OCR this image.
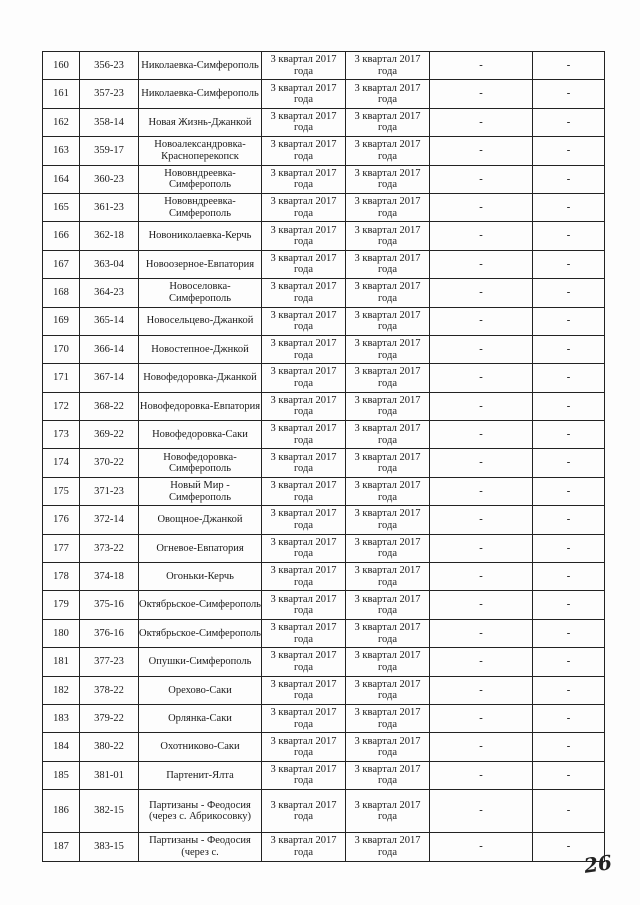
160	356-23	Николаевка-Симферополь	3 квартал 2017 года	3 квартал 2017 года	-	-
161	357-23	Николаевка-Симферополь	3 квартал 2017 года	3 квартал 2017 года	-	-
162	358-14	Новая Жизнь-Джанкой	3 квартал 2017 года	3 квартал 2017 года	-	-
163	359-17	Новоалександровка-Красноперекопск	3 квартал 2017 года	3 квартал 2017 года	-	-
164	360-23	Нововндреевка-Симферополь	3 квартал 2017 года	3 квартал 2017 года	-	-
165	361-23	Нововндреевка-Симферополь	3 квартал 2017 года	3 квартал 2017 года	-	-
166	362-18	Новониколаевка-Керчь	3 квартал 2017 года	3 квартал 2017 года	-	-
167	363-04	Новоозерное-Евпатория	3 квартал 2017 года	3 квартал 2017 года	-	-
168	364-23	Новоселовка-Симферополь	3 квартал 2017 года	3 квартал 2017 года	-	-
169	365-14	Новосельцево-Джанкой	3 квартал 2017 года	3 квартал 2017 года	-	-
170	366-14	Новостепное-Джнкой	3 квартал 2017 года	3 квартал 2017 года	-	-
171	367-14	Новофедоровка-Джанкой	3 квартал 2017 года	3 квартал 2017 года	-	-
172	368-22	Новофедоровка-Евпатория	3 квартал 2017 года	3 квартал 2017 года	-	-
173	369-22	Новофедоровка-Саки	3 квартал 2017 года	3 квартал 2017 года	-	-
174	370-22	Новофедоровка-Симферополь	3 квартал 2017 года	3 квартал 2017 года	-	-
175	371-23	Новый Мир - Симферополь	3 квартал 2017 года	3 квартал 2017 года	-	-
176	372-14	Овощное-Джанкой	3 квартал 2017 года	3 квартал 2017 года	-	-
177	373-22	Огневое-Евпатория	3 квартал 2017 года	3 квартал 2017 года	-	-
178	374-18	Огоньки-Керчь	3 квартал 2017 года	3 квартал 2017 года	-	-
179	375-16	Октябрьское-Симферополь	3 квартал 2017 года	3 квартал 2017 года	-	-
180	376-16	Октябрьское-Симферополь	3 квартал 2017 года	3 квартал 2017 года	-	-
181	377-23	Опушки-Симферополь	3 квартал 2017 года	3 квартал 2017 года	-	-
182	378-22	Орехово-Саки	3 квартал 2017 года	3 квартал 2017 года	-	-
183	379-22	Орлянка-Саки	3 квартал 2017 года	3 квартал 2017 года	-	-
184	380-22	Охотниково-Саки	3 квартал 2017 года	3 квартал 2017 года	-	-
185	381-01	Партенит-Ялта	3 квартал 2017 года	3 квартал 2017 года	-	-
186	382-15	Партизаны - Феодосия (через с. Абрикосовку)	3 квартал 2017 года	3 квартал 2017 года	-	-
187	383-15	Партизаны - Феодосия (через с.	3 квартал 2017 года	3 квартал 2017 года	-	-
26
